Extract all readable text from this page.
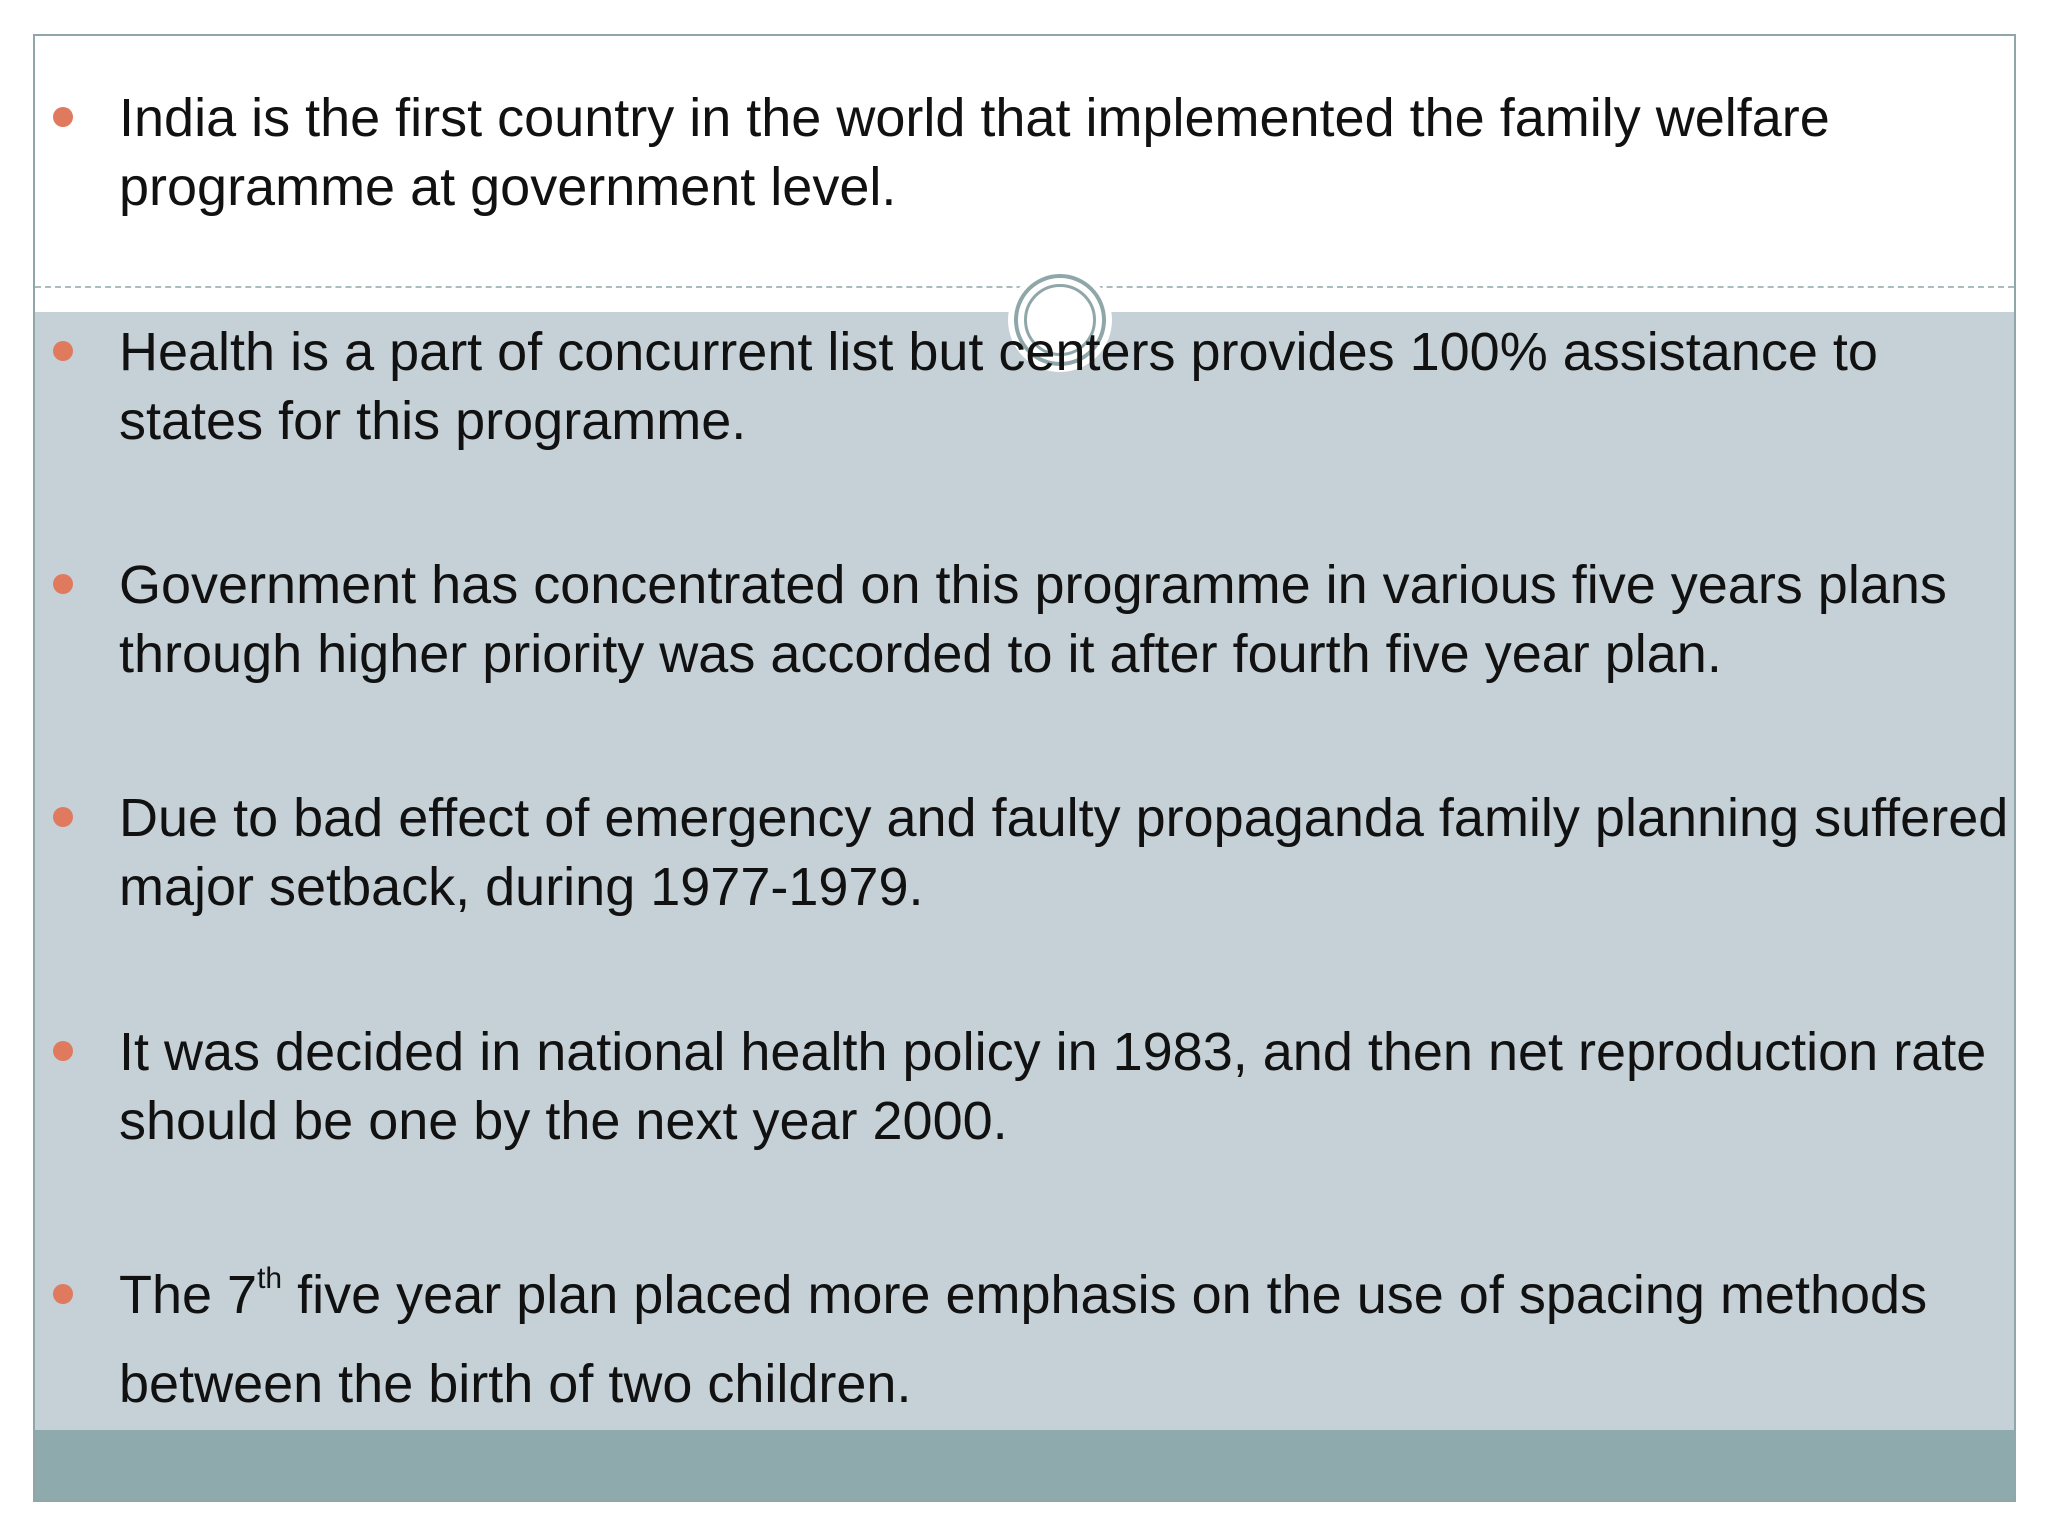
India is the first country in the world that implemented the family welfare programme at government level.
Health is a part of concurrent list but centers provides 100% assistance to states for this programme.
Government has concentrated on this programme in various five years plans through higher priority was accorded to it after fourth five year plan.
Due to bad effect of emergency and faulty propaganda family planning suffered major setback, during 1977-1979.
It was decided in national health policy in 1983, and then net reproduction rate should be one by the next year 2000.
The 7th five year plan placed more emphasis on the use of spacing methods between the birth of two children.
